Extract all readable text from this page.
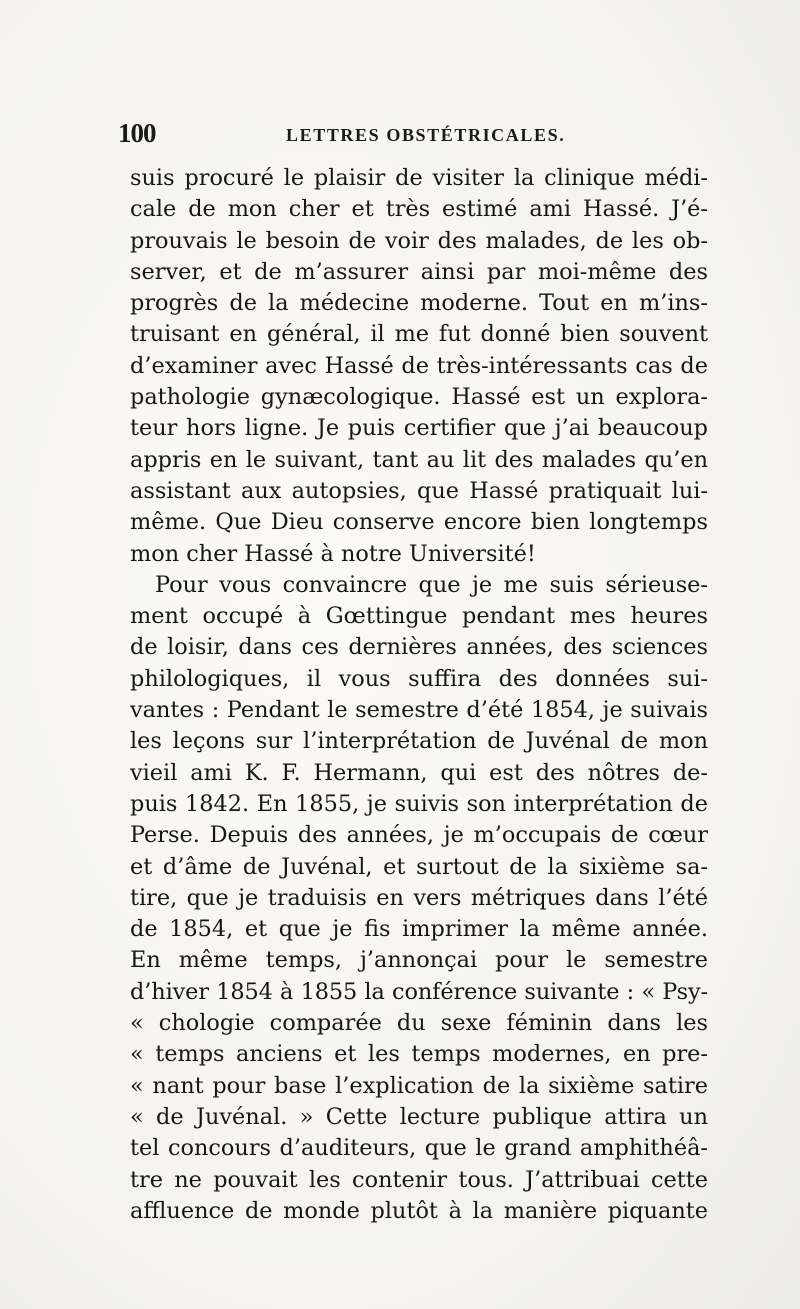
100	LETTRES OBSTÉTRICALES.
suis procuré le plaisir de visiter la clinique médi-
cale de mon cher et très estimé ami Hassé. J’é-
prouvais le besoin de voir des malades, de les ob-
server, et de m’assurer ainsi par moi-même des
progrès de la médecine moderne. Tout en m’ins-
truisant en général, il me fut donné bien souvent
d’examiner avec Hassé de très-intéressants cas de
pathologie gynæcologique. Hassé est un explora-
teur hors ligne. Je puis certifier que j’ai beaucoup
appris en le suivant, tant au lit des malades qu’en
assistant aux autopsies, que Hassé pratiquait lui-
même. Que Dieu conserve encore bien longtemps
mon cher Hassé à notre Université!
Pour vous convaincre que je me suis sérieuse-
ment occupé à Gœttingue pendant mes heures
de loisir, dans ces dernières années, des sciences
philologiques, il vous suffira des données sui-
vantes : Pendant le semestre d’été 1854, je suivais
les leçons sur l’interprétation de Juvénal de mon
vieil ami K. F. Hermann, qui est des nôtres de-
puis 1842. En 1855, je suivis son interprétation de
Perse. Depuis des années, je m’occupais de cœur
et d’âme de Juvénal, et surtout de la sixième sa-
tire, que je traduisis en vers métriques dans l’été
de 1854, et que je fis imprimer la même année.
En même temps, j’annonçai pour le semestre
d’hiver 1854 à 1855 la conférence suivante : « Psy-
« chologie comparée du sexe féminin dans les
« temps anciens et les temps modernes, en pre-
« nant pour base l’explication de la sixième satire
« de Juvénal. » Cette lecture publique attira un
tel concours d’auditeurs, que le grand amphithéâ-
tre ne pouvait les contenir tous. J’attribuai cette
affluence de monde plutôt à la manière piquante
